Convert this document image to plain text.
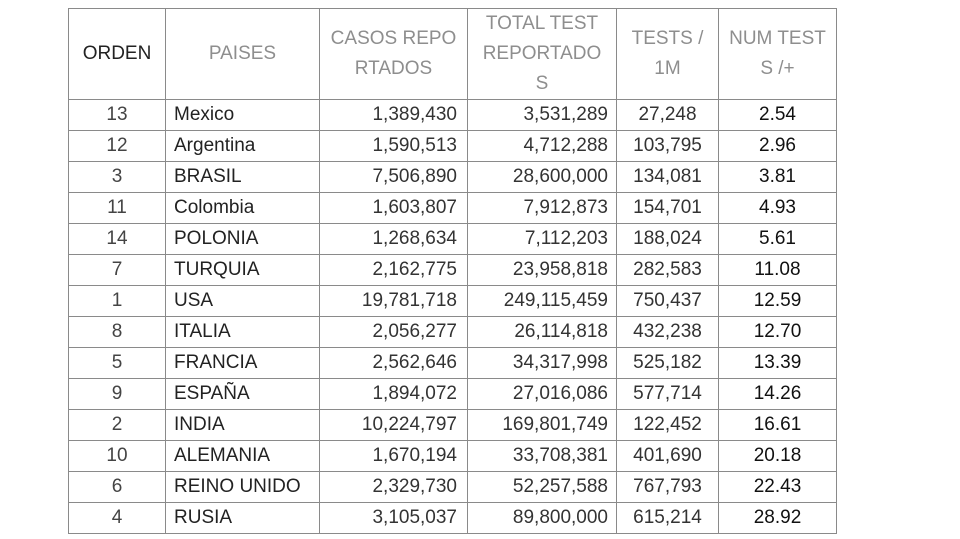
ORDEN	PAISES	CASOS REPORTADOS	TOTAL TEST REPORTADOS	TESTS / 1M	NUM TESTS /+
13	Mexico	1,389,430	3,531,289	27,248	2.54
12	Argentina	1,590,513	4,712,288	103,795	2.96
3	BRASIL	7,506,890	28,600,000	134,081	3.81
11	Colombia	1,603,807	7,912,873	154,701	4.93
14	POLONIA	1,268,634	7,112,203	188,024	5.61
7	TURQUIA	2,162,775	23,958,818	282,583	11.08
1	USA	19,781,718	249,115,459	750,437	12.59
8	ITALIA	2,056,277	26,114,818	432,238	12.70
5	FRANCIA	2,562,646	34,317,998	525,182	13.39
9	ESPAÑA	1,894,072	27,016,086	577,714	14.26
2	INDIA	10,224,797	169,801,749	122,452	16.61
10	ALEMANIA	1,670,194	33,708,381	401,690	20.18
6	REINO UNIDO	2,329,730	52,257,588	767,793	22.43
4	RUSIA	3,105,037	89,800,000	615,214	28.92
